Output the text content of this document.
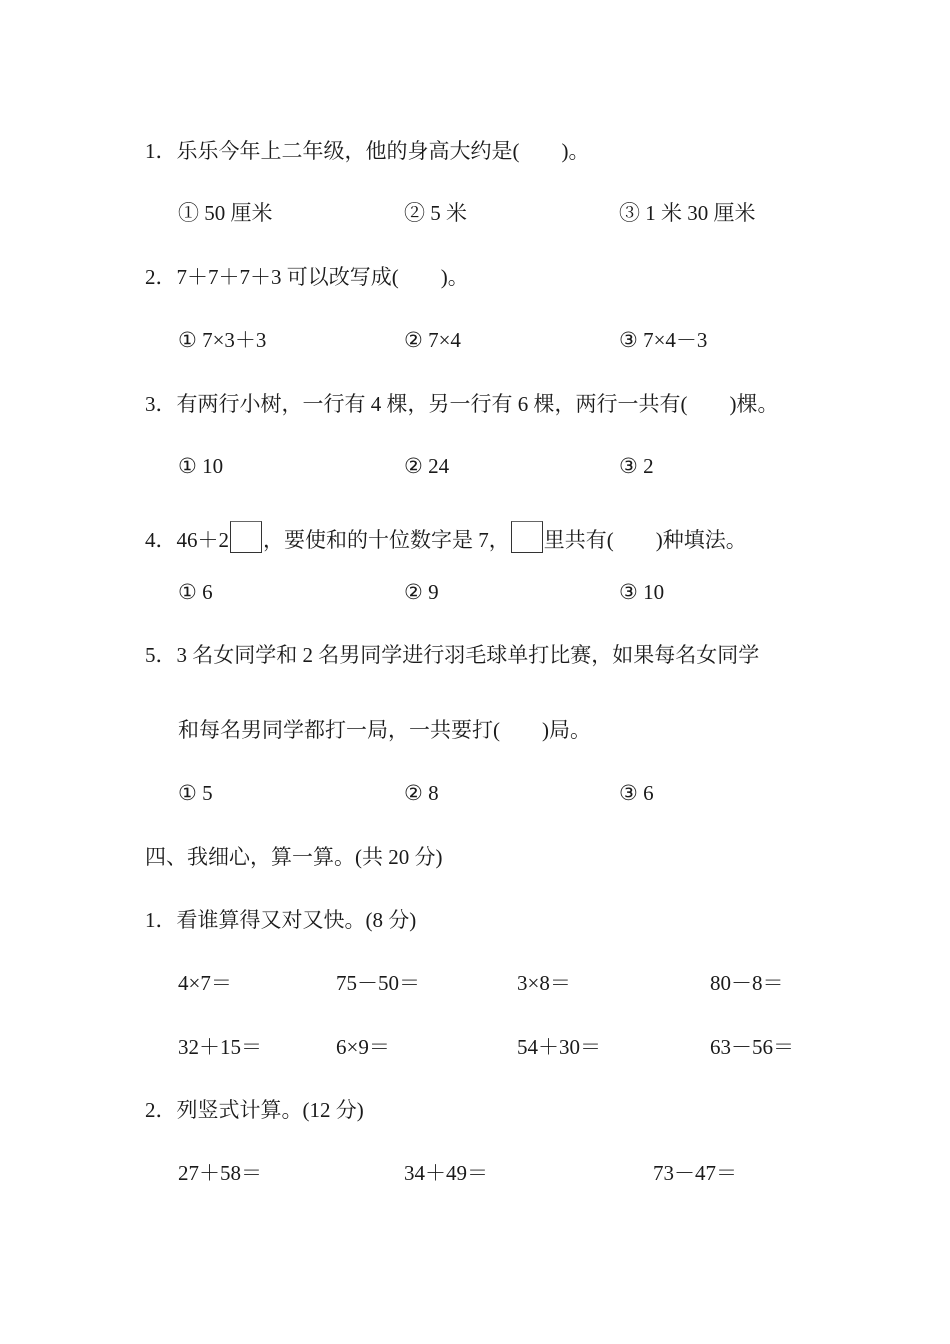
1．乐乐今年上二年级，他的身高大约是(　　)。
① 50 厘米	② 5 米	③ 1 米 30 厘米
2．7＋7＋7＋3 可以改写成(　　)。
① 7×3＋3	② 7×4	③ 7×4－3
3．有两行小树，一行有 4 棵，另一行有 6 棵，两行一共有(　　)棵。
① 10	② 24	③ 2
4．46＋2 ，要使和的十位数字是 7， 里共有(　　)种填法。
① 6	② 9	③ 10
5．3 名女同学和 2 名男同学进行羽毛球单打比赛，如果每名女同学
和每名男同学都打一局，一共要打(　　)局。
① 5	② 8	③ 6
四、我细心，算一算。(共 20 分)
1．看谁算得又对又快。(8 分)
4×7＝	75－50＝	3×8＝	80－8＝
32＋15＝	6×9＝	54＋30＝	63－56＝
2．列竖式计算。(12 分)
27＋58＝	34＋49＝	73－47＝
